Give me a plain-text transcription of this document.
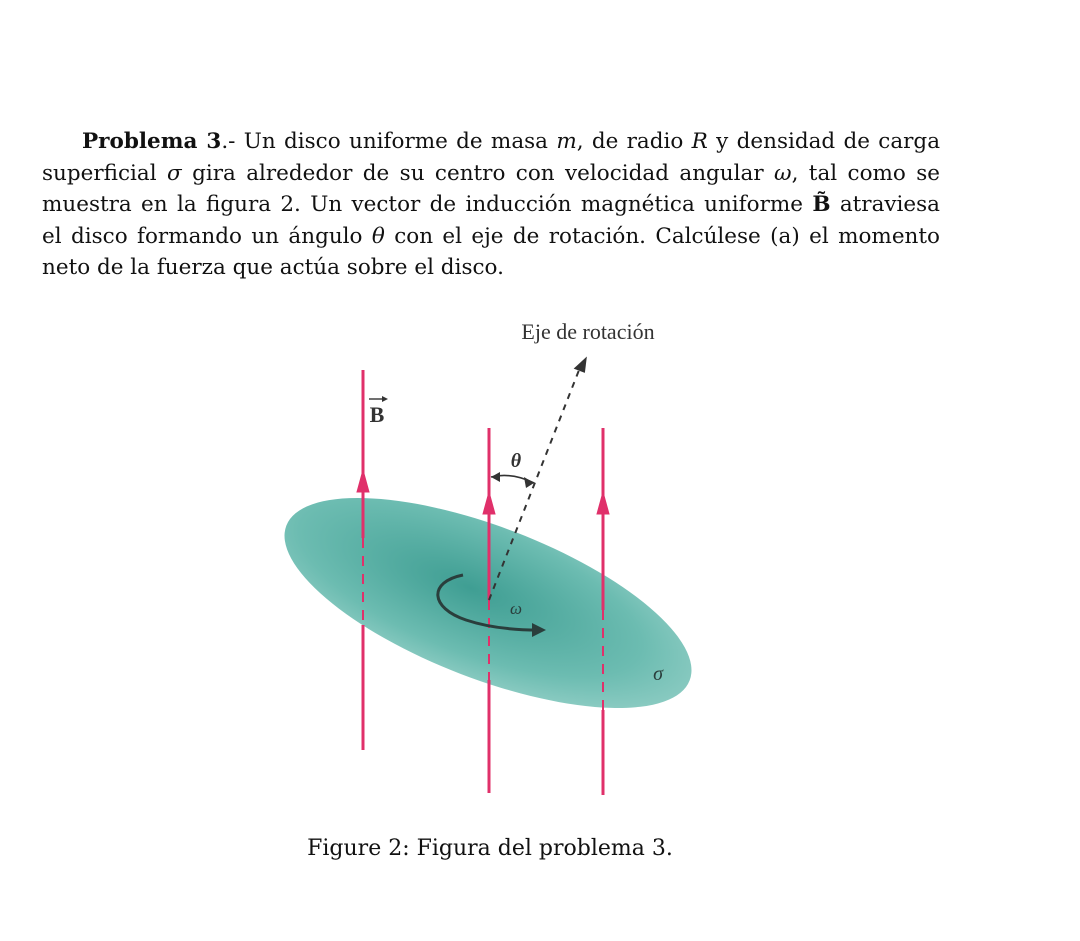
Problema 3.- Un disco uniforme de masa m, de radio R y densidad de carga
superficial σ gira alrededor de su centro con velocidad angular ω, tal como se
muestra en la figura 2. Un vector de inducción magnética uniforme B̃ atraviesa
el disco formando un ángulo θ con el eje de rotación. Calcúlese (a) el momento
neto de la fuerza que actúa sobre el disco.
Eje de rotación
B
θ
ω
σ
Figure 2: Figura del problema 3.
